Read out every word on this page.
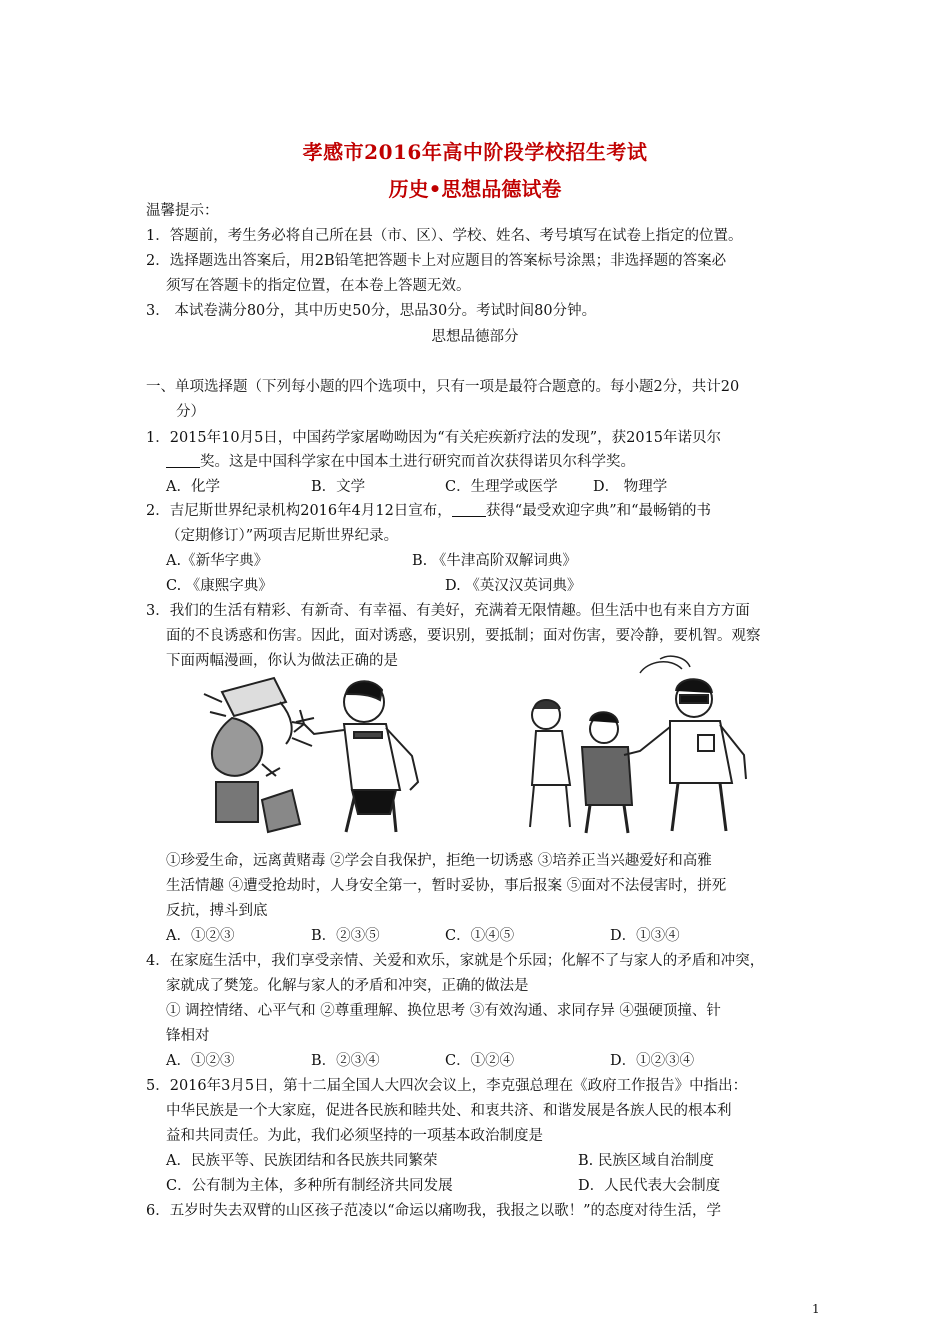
孝感市2016年高中阶段学校招生考试
历史•思想品德试卷
温馨提示：
1．答题前，考生务必将自己所在县（市、区）、学校、姓名、考号填写在试卷上指定的位置。
2．选择题选出答案后，用2B铅笔把答题卡上对应题目的答案标号涂黑；非选择题的答案必
须写在答题卡的指定位置，在本卷上答题无效。
3． 本试卷满分80分，其中历史50分，思品30分。考试时间80分钟。
思想品德部分
一、单项选择题（下列每小题的四个选项中，只有一项是最符合题意的。每小题2分，共计20
分）
1．2015年10月5日，中国药学家屠呦呦因为“有关疟疾新疗法的发现”，获2015年诺贝尔
奖。这是中国科学家在中国本土进行研究而首次获得诺贝尔科学奖。
A．化学	B．文学	C．生理学或医学 D． 物理学
2．吉尼斯世界纪录机构2016年4月12日宣布， 获得“最受欢迎字典”和“最畅销的书
（定期修订）”两项吉尼斯世界纪录。
A.《新华字典》	B. 《牛津高阶双解词典》
C. 《康熙字典》	D. 《英汉汉英词典》
3．我们的生活有精彩、有新奇、有幸福、有美好，充满着无限情趣。但生活中也有来自方方面
面的不良诱惑和伤害。因此，面对诱惑，要识别，要抵制；面对伤害，要冷静，要机智。观察
下面两幅漫画，你认为做法正确的是
①珍爱生命，远离黄赌毒 ②学会自我保护，拒绝一切诱惑 ③培养正当兴趣爱好和高雅
生活情趣 ④遭受抢劫时，人身安全第一，暂时妥协，事后报案 ⑤面对不法侵害时，拼死
反抗，搏斗到底
A．①②③	B．②③⑤	C．①④⑤	D．①③④
4．在家庭生活中，我们享受亲情、关爱和欢乐，家就是个乐园；化解不了与家人的矛盾和冲突，
家就成了樊笼。化解与家人的矛盾和冲突，正确的做法是
① 调控情绪、心平气和 ②尊重理解、换位思考 ③有效沟通、求同存异 ④强硬顶撞、针
锋相对
A．①②③	B．②③④	C．①②④	D．①②③④
5．2016年3月5日，第十二届全国人大四次会议上，李克强总理在《政府工作报告》中指出：
中华民族是一个大家庭，促进各民族和睦共处、和衷共济、和谐发展是各族人民的根本利
益和共同责任。为此，我们必须坚持的一项基本政治制度是
A．民族平等、民族团结和各民族共同繁荣	B. 民族区域自治制度
C．公有制为主体，多种所有制经济共同发展	D．人民代表大会制度
6．五岁时失去双臂的山区孩子范凌以“命运以痛吻我，我报之以歌！”的态度对待生活，学
1
